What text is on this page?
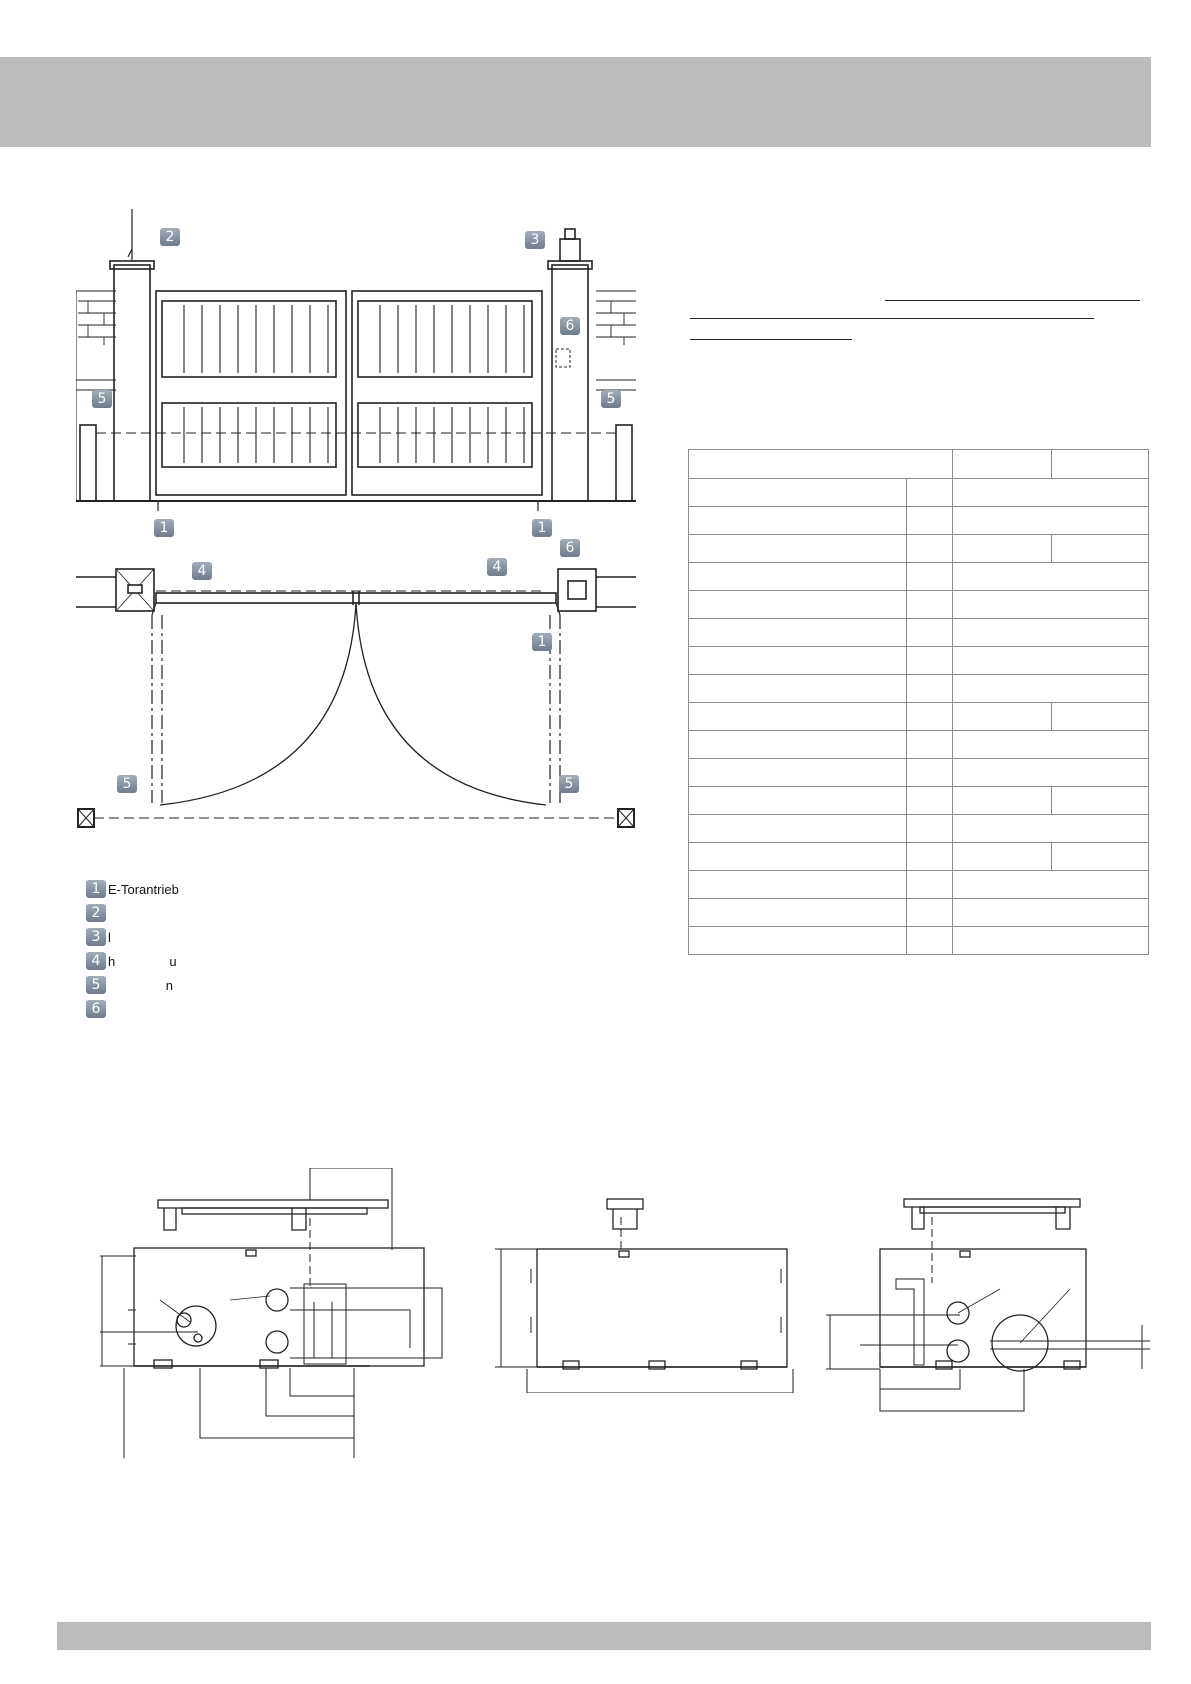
2	3
6
5	5
1	1
4	4
6
1
5	5
1 E-Torantrieb
2
3 l
4 h               u
5 n
6
